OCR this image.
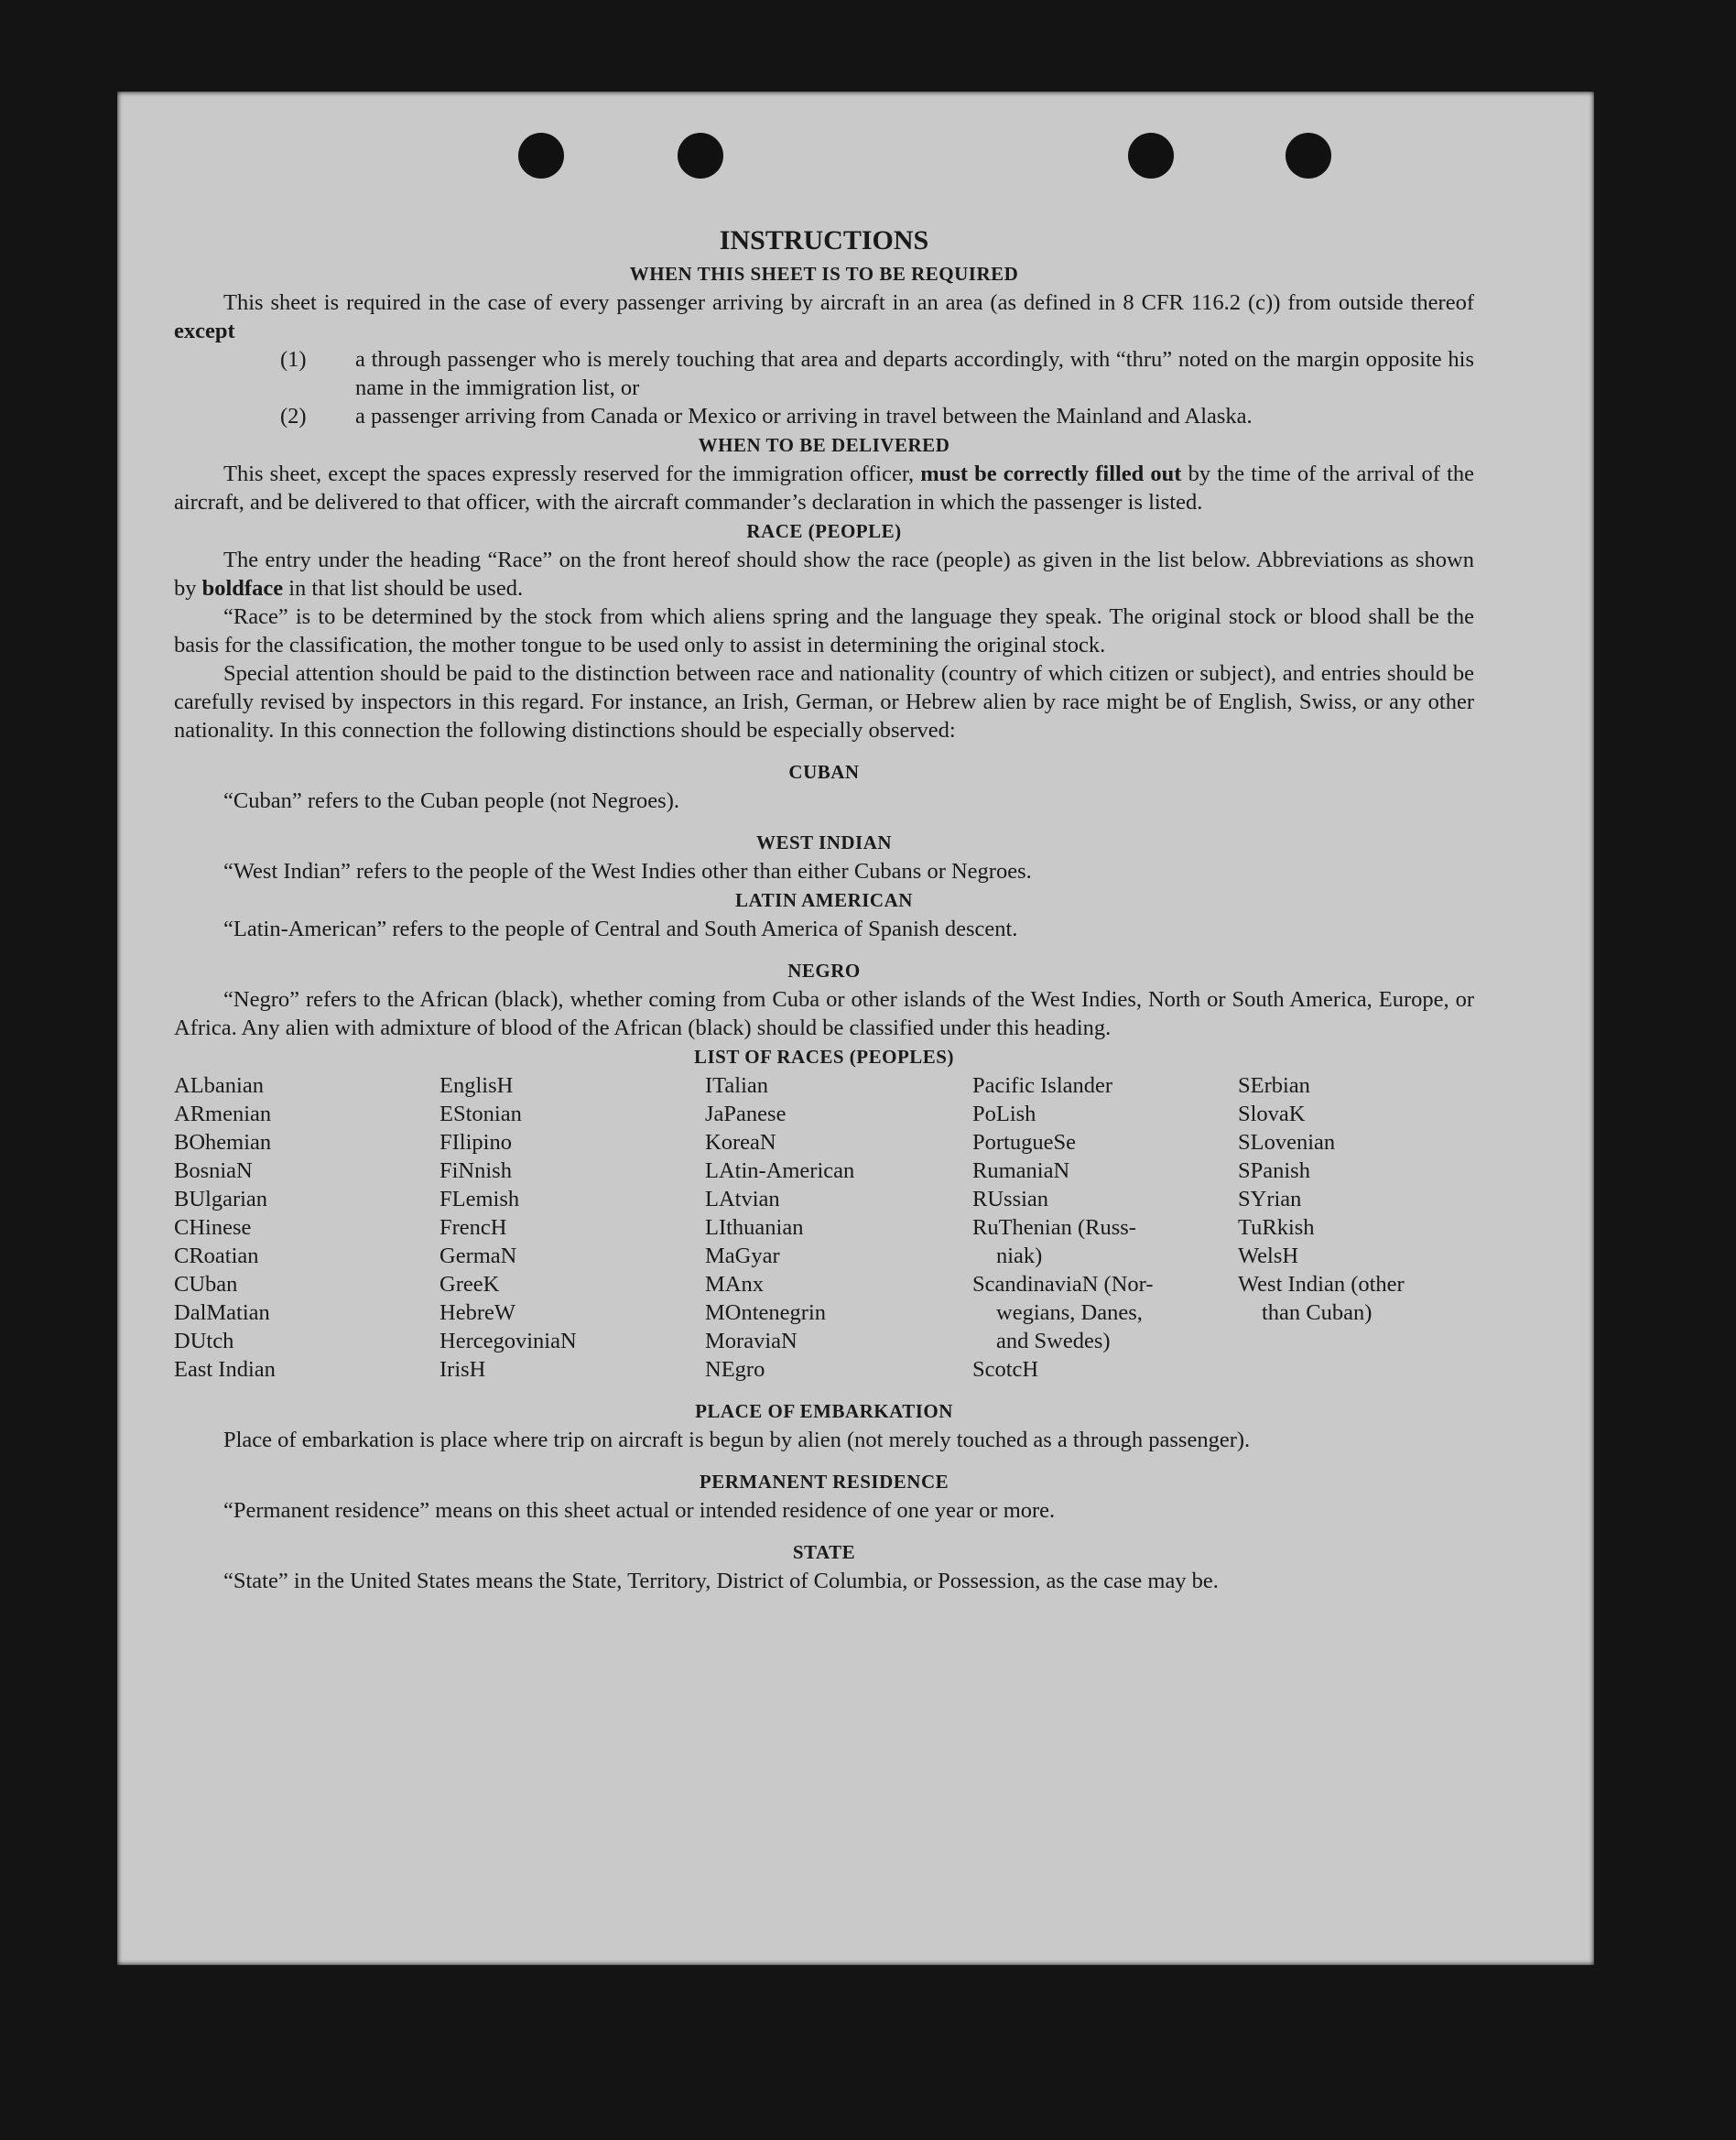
INSTRUCTIONS
WHEN THIS SHEET IS TO BE REQUIRED

This sheet is required in the case of every passenger arriving by aircraft in an area (as defined in 8 CFR 116.2 (c)) from outside thereof except

(1)	a through passenger who is merely touching that area and departs accordingly, with “thru” noted on the margin opposite his name in the immigration list, or
(2)	a passenger arriving from Canada or Mexico or arriving in travel between the Mainland and Alaska.
WHEN TO BE DELIVERED

This sheet, except the spaces expressly reserved for the immigration officer, must be correctly filled out by the time of the arrival of the aircraft, and be delivered to that officer, with the aircraft commander’s declaration in which the passenger is listed.

RACE (PEOPLE)

The entry under the heading “Race” on the front hereof should show the race (people) as given in the list below. Abbreviations as shown by boldface in that list should be used.

“Race” is to be determined by the stock from which aliens spring and the language they speak. The original stock or blood shall be the basis for the classification, the mother tongue to be used only to assist in determining the original stock.

Special attention should be paid to the distinction between race and nationality (country of which citizen or subject), and entries should be carefully revised by inspectors in this regard. For instance, an Irish, German, or Hebrew alien by race might be of English, Swiss, or any other nationality. In this connection the following distinctions should be especially observed:

CUBAN

“Cuban” refers to the Cuban people (not Negroes).

WEST INDIAN

“West Indian” refers to the people of the West Indies other than either Cubans or Negroes.

LATIN AMERICAN

“Latin-American” refers to the people of Central and South America of Spanish descent.

NEGRO

“Negro” refers to the African (black), whether coming from Cuba or other islands of the West Indies, North or South America, Europe, or Africa. Any alien with admixture of blood of the African (black) should be classified under this heading.

LIST OF RACES (PEOPLES)
ALbanian
ARmenian
BOhemian
BosniaN
BUlgarian
CHinese
CRoatian
CUban
DalMatian
DUtch
East Indian
EnglisH
EStonian
FIlipino
FiNnish
FLemish
FrencH
GermaN
GreeK
HebreW
HercegovinіaN
IrisH
ITalian
JaPanese
KoreaN
LAtin-American
LAtvian
LIthuanian
MaGyar
MAnx
MOntenegrin
MoraviaN
NEgro
Pacific Islander
PoLish
PortugueSe
RumaniaN
RUssian
RuThenian (Russ-
niak)
ScandinaviaN (Nor-
wegians, Danes,
and Swedes)
ScotcH
SErbian
SlovaK
SLovenian
SPanish
SYrian
TuRkish
WelsH
West Indian (other
than Cuban)
PLACE OF EMBARKATION

Place of embarkation is place where trip on aircraft is begun by alien (not merely touched as a through passenger).

PERMANENT RESIDENCE

“Permanent residence” means on this sheet actual or intended residence of one year or more.

STATE

“State” in the United States means the State, Territory, District of Columbia, or Possession, as the case may be.
